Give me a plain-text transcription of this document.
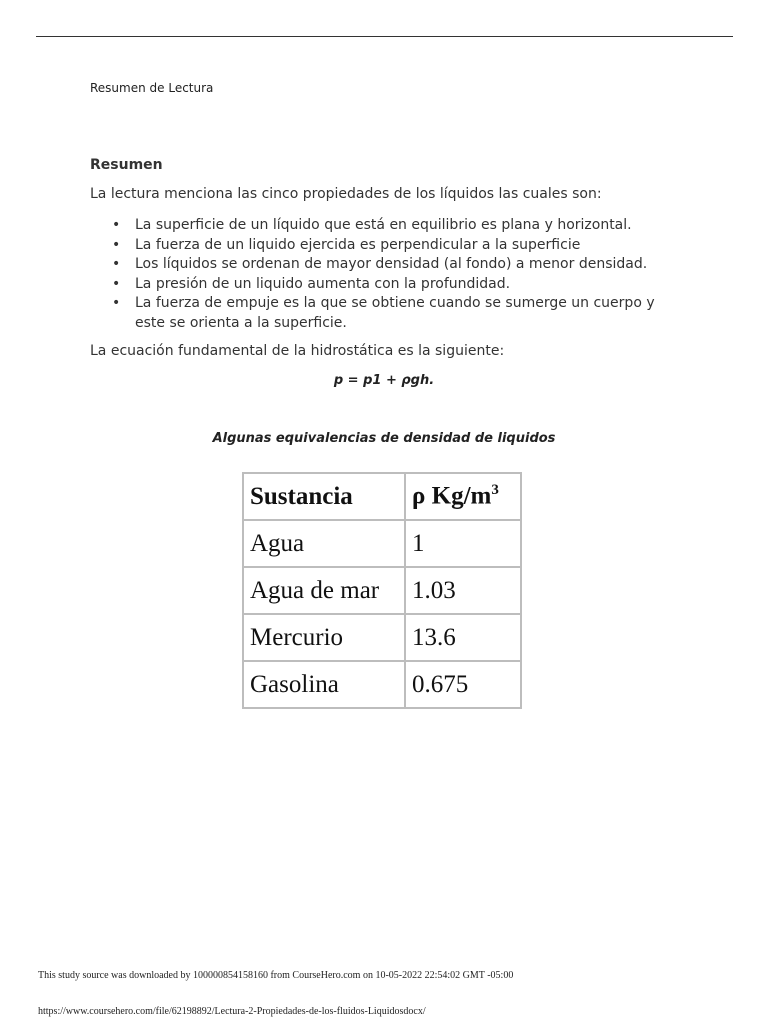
Resumen de Lectura
Resumen
La lectura menciona las cinco propiedades de los líquidos las cuales son:
• La superficie de un líquido que está en equilibrio es plana y horizontal.
• La fuerza de un liquido ejercida es perpendicular a la superficie
• Los líquidos se ordenan de mayor densidad (al fondo) a menor densidad.
• La presión de un liquido aumenta con la profundidad.
• La fuerza de empuje es la que se obtiene cuando se sumerge un cuerpo y este se orienta a la superficie.
La ecuación fundamental de la hidrostática es la siguiente:
p = p1 + ρgh.
Algunas equivalencias de densidad de liquidos
Sustancia	ρ $Kg/m^3$
Agua	1
Agua de mar	1.03
Mercurio	13.6
Gasolina	0.675
This study source was downloaded by 100000854158160 from CourseHero.com on 10-05-2022 22:54:02 GMT -05:00
https://www.coursehero.com/file/62198892/Lectura-2-Propiedades-de-los-fluidos-Liquidosdocx/
